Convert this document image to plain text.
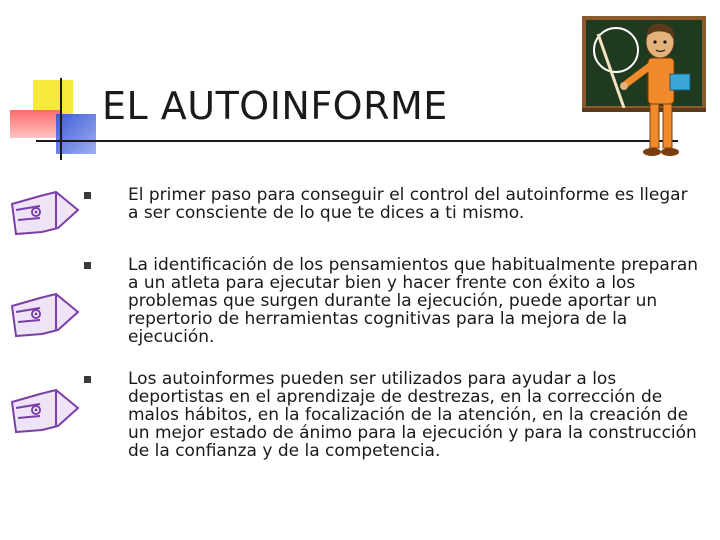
EL AUTOINFORME
El primer paso para conseguir el control del autoinforme es llegar a ser consciente de lo que te dices a ti mismo.
La identificación de los pensamientos que habitualmente preparan a un atleta para ejecutar bien y hacer frente con éxito a los problemas que surgen durante la ejecución, puede aportar un repertorio de herramientas cognitivas para la mejora de la ejecución.
Los autoinformes pueden ser utilizados para ayudar a los deportistas en el aprendizaje de destrezas, en la corrección de malos hábitos, en la focalización de la atención, en la creación de un mejor estado de ánimo para la ejecución y para la construcción de la confianza y de la competencia.
